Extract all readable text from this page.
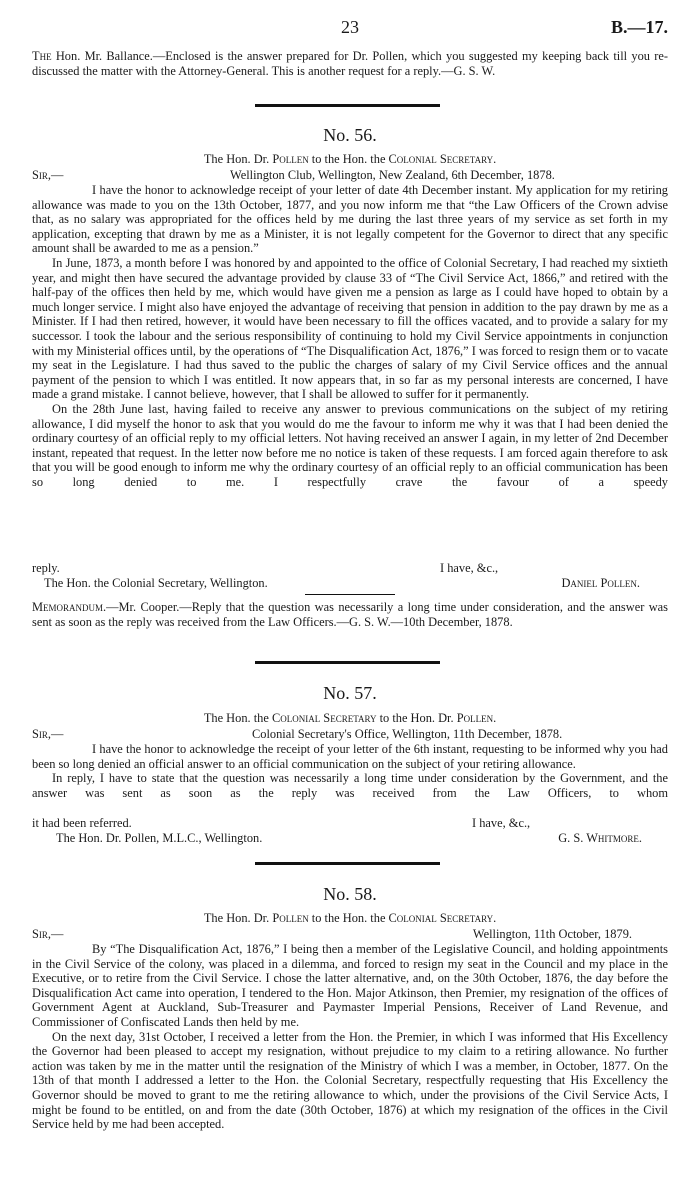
23	B.—17.
The Hon. Mr. Ballance.—Enclosed is the answer prepared for Dr. Pollen, which you suggested my keeping back till you re-discussed the matter with the Attorney-General. This is another request for a reply.—G. S. W.
No. 56.
The Hon. Dr. Pollen to the Hon. the Colonial Secretary.
Sir,—	Wellington Club, Wellington, New Zealand, 6th December, 1878.

I have the honor to acknowledge receipt of your letter of date 4th December instant. My application for my retiring allowance was made to you on the 13th October, 1877, and you now inform me that “the Law Officers of the Crown advise that, as no salary was appropriated for the offices held by me during the last three years of my service as set forth in my application, excepting that drawn by me as a Minister, it is not legally competent for the Governor to direct that any specific amount shall be awarded to me as a pension.”

In June, 1873, a month before I was honored by and appointed to the office of Colonial Secretary, I had reached my sixtieth year, and might then have secured the advantage provided by clause 33 of “The Civil Service Act, 1866,” and retired with the half-pay of the offices then held by me, which would have given me a pension as large as I could have hoped to obtain by a much longer service. I might also have enjoyed the advantage of receiving that pension in addition to the pay drawn by me as a Minister. If I had then retired, however, it would have been necessary to fill the offices vacated, and to provide a salary for my successor. I took the labour and the serious responsibility of continuing to hold my Civil Service appointments in conjunction with my Ministerial offices until, by the operations of “The Disqualification Act, 1876,” I was forced to resign them or to vacate my seat in the Legislature. I had thus saved to the public the charges of salary of my Civil Service offices and the annual payment of the pension to which I was entitled. It now appears that, in so far as my personal interests are concerned, I have made a grand mistake. I cannot believe, however, that I shall be allowed to suffer for it permanently.

On the 28th June last, having failed to receive any answer to previous communications on the subject of my retiring allowance, I did myself the honor to ask that you would do me the favour to inform me why it was that I had been denied the ordinary courtesy of an official reply to my official letters. Not having received an answer I again, in my letter of 2nd December instant, repeated that request. In the letter now before me no notice is taken of these requests. I am forced again therefore to ask that you will be good enough to inform me why the ordinary courtesy of an official reply to an official communication has been so long denied to me. I respectfully crave the favour of a speedy

reply.	I have, &c.,
The Hon. the Colonial Secretary, Wellington.	Daniel Pollen.
Memorandum.—Mr. Cooper.—Reply that the question was necessarily a long time under consideration, and the answer was sent as soon as the reply was received from the Law Officers.—G. S. W.—10th December, 1878.
No. 57.
The Hon. the Colonial Secretary to the Hon. Dr. Pollen.
Sir,—	Colonial Secretary's Office, Wellington, 11th December, 1878.

I have the honor to acknowledge the receipt of your letter of the 6th instant, requesting to be informed why you had been so long denied an official answer to an official communication on the subject of your retiring allowance.

In reply, I have to state that the question was necessarily a long time under consideration by the Government, and the answer was sent as soon as the reply was received from the Law Officers, to whom

it had been referred.	I have, &c.,
The Hon. Dr. Pollen, M.L.C., Wellington.	G. S. Whitmore.
No. 58.
The Hon. Dr. Pollen to the Hon. the Colonial Secretary.
Sir,—	Wellington, 11th October, 1879.

By “The Disqualification Act, 1876,” I being then a member of the Legislative Council, and holding appointments in the Civil Service of the colony, was placed in a dilemma, and forced to resign my seat in the Council and my place in the Executive, or to retire from the Civil Service. I chose the latter alternative, and, on the 30th October, 1876, the day before the Disqualification Act came into operation, I tendered to the Hon. Major Atkinson, then Premier, my resignation of the offices of Government Agent at Auckland, Sub-Treasurer and Paymaster Imperial Pensions, Receiver of Land Revenue, and Commissioner of Confiscated Lands then held by me.

On the next day, 31st October, I received a letter from the Hon. the Premier, in which I was informed that His Excellency the Governor had been pleased to accept my resignation, without prejudice to my claim to a retiring allowance. No further action was taken by me in the matter until the resignation of the Ministry of which I was a member, in October, 1877. On the 13th of that month I addressed a letter to the Hon. the Colonial Secretary, respectfully requesting that His Excellency the Governor should be moved to grant to me the retiring allowance to which, under the provisions of the Civil Service Acts, I might be found to be entitled, on and from the date (30th October, 1876) at which my resignation of the offices in the Civil Service held by me had been accepted.
